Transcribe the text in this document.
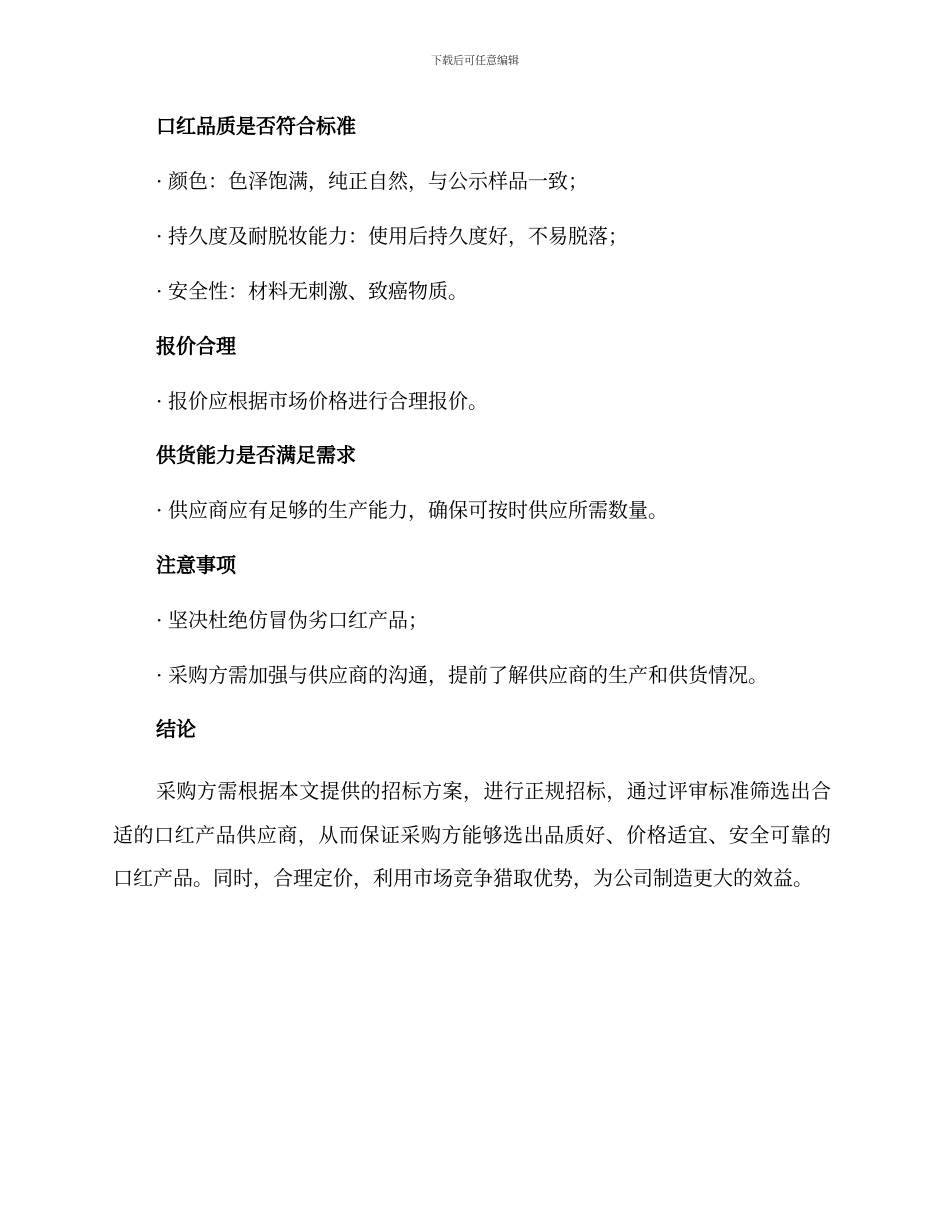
下载后可任意编辑
口红品质是否符合标准
· 颜色：色泽饱满，纯正自然，与公示样品一致；
· 持久度及耐脱妆能力：使用后持久度好，不易脱落；
· 安全性：材料无刺激、致癌物质。
报价合理
· 报价应根据市场价格进行合理报价。
供货能力是否满足需求
· 供应商应有足够的生产能力，确保可按时供应所需数量。
注意事项
· 坚决杜绝仿冒伪劣口红产品；
· 采购方需加强与供应商的沟通，提前了解供应商的生产和供货情况。
结论

采购方需根据本文提供的招标方案，进行正规招标，通过评审标准筛选出合适的口红产品供应商，从而保证采购方能够选出品质好、价格适宜、安全可靠的口红产品。同时，合理定价，利用市场竞争猎取优势，为公司制造更大的效益。
